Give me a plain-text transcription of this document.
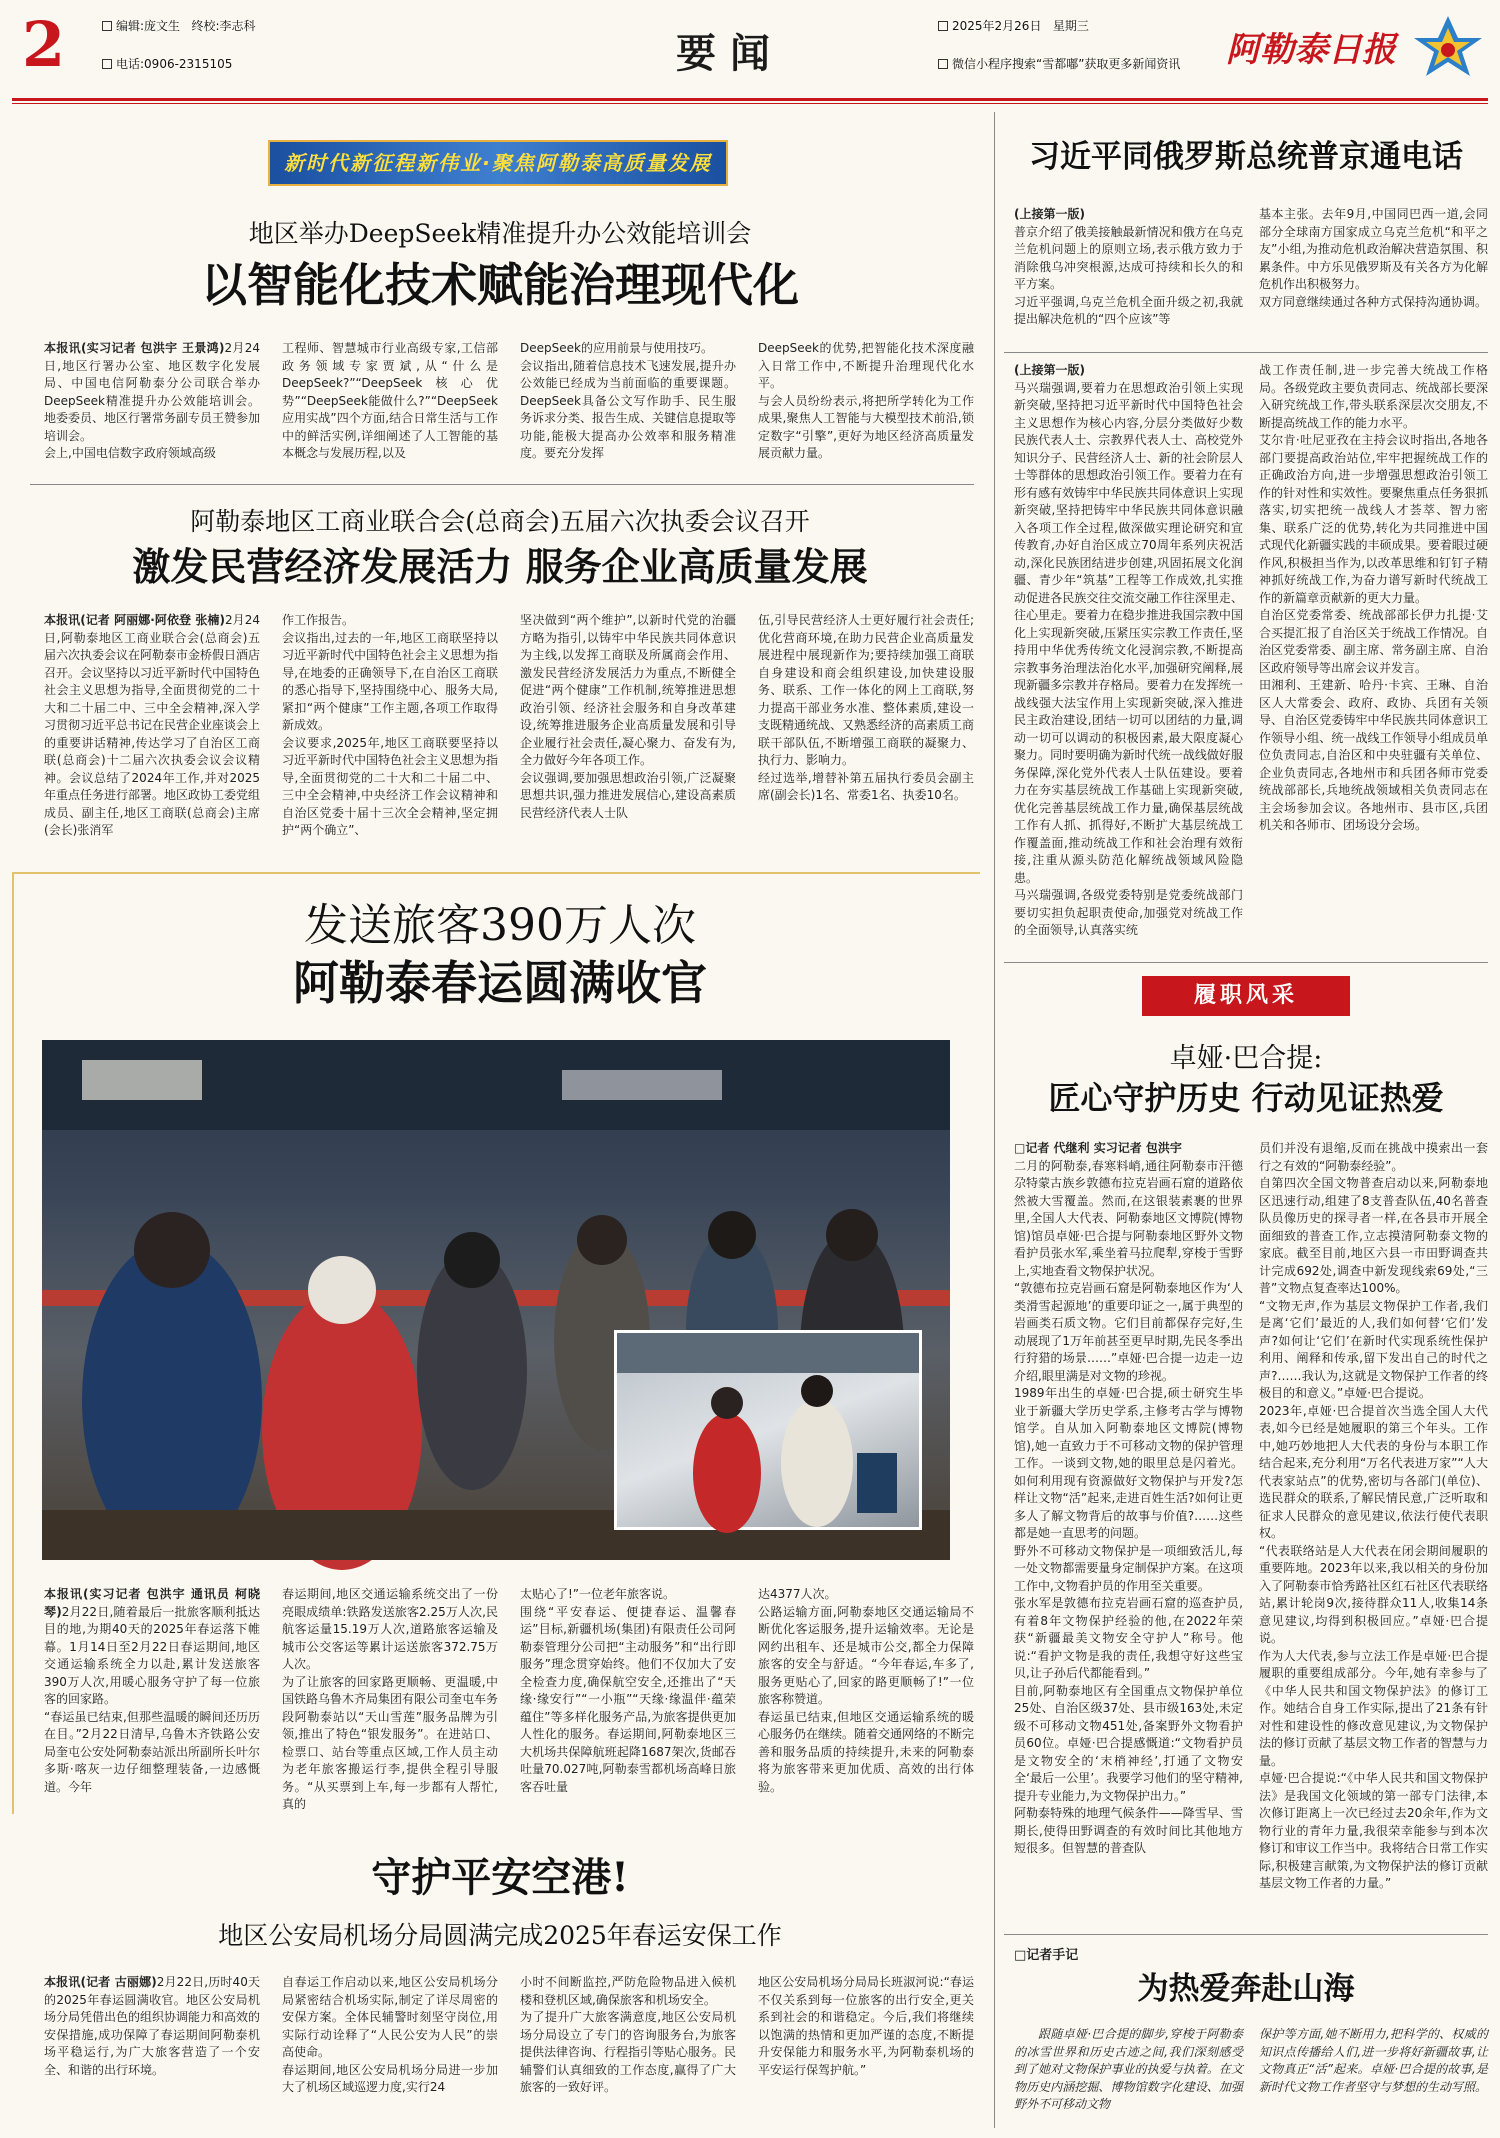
2	编辑:庞文生 终校:李志科
电话:0906-2315105	要闻
2025年2月26日 星期三
微信小程序搜索“雪都嘟”获取更多新闻资讯 阿勒泰日报
新时代新征程新伟业·聚焦阿勒泰高质量发展
地区举办DeepSeek精准提升办公效能培训会
以智能化技术赋能治理现代化
本报讯(实习记者 包洪宇 王景鸿)2月24日,地区行署办公室、地区数字化发展局、中国电信阿勒泰分公司联合举办DeepSeek精准提升办公效能培训会。地委委员、地区行署常务副专员王赞参加培训会。
会上,中国电信数字政府领域高级
工程师、智慧城市行业高级专家,工信部政务领域专家贾斌,从“什么是DeepSeek?”“DeepSeek核心优势”“DeepSeek能做什么?”“DeepSeek应用实战”四个方面,结合日常生活与工作中的鲜活实例,详细阐述了人工智能的基本概念与发展历程,以及
DeepSeek的应用前景与使用技巧。
会议指出,随着信息技术飞速发展,提升办公效能已经成为当前面临的重要课题。DeepSeek具备公文写作助手、民生服务诉求分类、报告生成、关键信息提取等功能,能极大提高办公效率和服务精准度。要充分发挥
DeepSeek的优势,把智能化技术深度融入日常工作中,不断提升治理现代化水平。
与会人员纷纷表示,将把所学转化为工作成果,聚焦人工智能与大模型技术前沿,锁定数字“引擎”,更好为地区经济高质量发展贡献力量。
阿勒泰地区工商业联合会(总商会)五届六次执委会议召开
激发民营经济发展活力 服务企业高质量发展
本报讯(记者 阿丽娜·阿依登 张楠)2月24日,阿勒泰地区工商业联合会(总商会)五届六次执委会议在阿勒泰市金桥假日酒店召开。会议坚持以习近平新时代中国特色社会主义思想为指导,全面贯彻党的二十大和二十届二中、三中全会精神,深入学习贯彻习近平总书记在民营企业座谈会上的重要讲话精神,传达学习了自治区工商联(总商会)十二届六次执委会议会议精神。会议总结了2024年工作,并对2025年重点任务进行部署。地区政协工委党组成员、副主任,地区工商联(总商会)主席(会长)张消军
作工作报告。
会议指出,过去的一年,地区工商联坚持以习近平新时代中国特色社会主义思想为指导,在地委的正确领导下,在自治区工商联的悉心指导下,坚持围绕中心、服务大局,紧扣“两个健康”工作主题,各项工作取得新成效。
会议要求,2025年,地区工商联要坚持以习近平新时代中国特色社会主义思想为指导,全面贯彻党的二十大和二十届二中、三中全会精神,中央经济工作会议精神和自治区党委十届十三次全会精神,坚定拥护“两个确立”、
坚决做到“两个维护”,以新时代党的治疆方略为指引,以铸牢中华民族共同体意识为主线,以发挥工商联及所属商会作用、激发民营经济发展活力为重点,不断健全促进“两个健康”工作机制,统筹推进思想政治引领、经济社会服务和自身改革建设,统筹推进服务企业高质量发展和引导企业履行社会责任,凝心聚力、奋发有为,全力做好今年各项工作。
会议强调,要加强思想政治引领,广泛凝聚思想共识,强力推进发展信心,建设高素质民营经济代表人士队
伍,引导民营经济人士更好履行社会责任;优化营商环境,在助力民营企业高质量发展进程中展现新作为;要持续加强工商联自身建设和商会组织建设,加快建设服务、联系、工作一体化的网上工商联,努力提高干部业务水准、整体素质,建设一支既精通统战、又熟悉经济的高素质工商联干部队伍,不断增强工商联的凝聚力、执行力、影响力。
经过选举,增替补第五届执行委员会副主席(副会长)1名、常委1名、执委10名。
发送旅客390万人次
阿勒泰春运圆满收官
本报讯(实习记者 包洪宇 通讯员 柯晓琴)2月22日,随着最后一批旅客顺利抵达目的地,为期40天的2025年春运落下帷幕。1月14日至2月22日春运期间,地区交通运输系统全力以赴,累计发送旅客390万人次,用暖心服务守护了每一位旅客的回家路。
“春运虽已结束,但那些温暖的瞬间还历历在目。”2月22日清早,乌鲁木齐铁路公安局奎屯公安处阿勒泰站派出所副所长叶尔多斯·喀灰一边仔细整理装备,一边感慨道。今年
春运期间,地区交通运输系统交出了一份亮眼成绩单:铁路发送旅客2.25万人次,民航客运量15.19万人次,道路旅客运输及城市公交客运等累计运送旅客372.75万人次。
为了让旅客的回家路更顺畅、更温暖,中国铁路乌鲁木齐局集团有限公司奎屯车务段阿勒泰站以“天山雪莲”服务品牌为引领,推出了特色“银发服务”。在进站口、检票口、站台等重点区域,工作人员主动为老年旅客搬运行李,提供全程引导服务。“从买票到上车,每一步都有人帮忙,真的
太贴心了!”一位老年旅客说。
围绕“平安春运、便捷春运、温馨春运”目标,新疆机场(集团)有限责任公司阿勒泰管理分公司把“主动服务”和“出行即服务”理念贯穿始终。他们不仅加大了安全检查力度,确保航空安全,还推出了“天缘·缘安行”“一小瓶”“天缘·缘温伴·蕴荣蕴住”等多样化服务产品,为旅客提供更加人性化的服务。春运期间,阿勒泰地区三大机场共保障航班起降1687架次,货邮吞吐量70.027吨,阿勒泰雪都机场高峰日旅客吞吐量
达4377人次。
公路运输方面,阿勒泰地区交通运输局不断优化客运服务,提升运输效率。无论是网约出租车、还是城市公交,都全力保障旅客的安全与舒适。“今年春运,车多了,服务更贴心了,回家的路更顺畅了!”一位旅客称赞道。
春运虽已结束,但地区交通运输系统的暖心服务仍在继续。随着交通网络的不断完善和服务品质的持续提升,未来的阿勒泰将为旅客带来更加优质、高效的出行体验。
守护平安空港!
地区公安局机场分局圆满完成2025年春运安保工作
本报讯(记者 古丽娜)2月22日,历时40天的2025年春运圆满收官。地区公安局机场分局凭借出色的组织协调能力和高效的安保措施,成功保障了春运期间阿勒泰机场平稳运行,为广大旅客营造了一个安全、和谐的出行环境。
自春运工作启动以来,地区公安局机场分局紧密结合机场实际,制定了详尽周密的安保方案。全体民辅警时刻坚守岗位,用实际行动诠释了“人民公安为人民”的崇高使命。
春运期间,地区公安局机场分局进一步加大了机场区域巡逻力度,实行24
小时不间断监控,严防危险物品进入候机楼和登机区域,确保旅客和机场安全。
为了提升广大旅客满意度,地区公安局机场分局设立了专门的咨询服务台,为旅客提供法律咨询、行程指引等贴心服务。民辅警们认真细致的工作态度,赢得了广大旅客的一致好评。
地区公安局机场分局局长班淑河说:“春运不仅关系到每一位旅客的出行安全,更关系到社会的和谐稳定。今后,我们将继续以饱满的热情和更加严谨的态度,不断提升安保能力和服务水平,为阿勒泰机场的平安运行保驾护航。”
习近平同俄罗斯总统普京通电话
(上接第一版)
普京介绍了俄美接触最新情况和俄方在乌克兰危机问题上的原则立场,表示俄方致力于消除俄乌冲突根源,达成可持续和长久的和平方案。
习近平强调,乌克兰危机全面升级之初,我就提出解决危机的“四个应该”等
基本主张。去年9月,中国同巴西一道,会同部分全球南方国家成立乌克兰危机“和平之友”小组,为推动危机政治解决营造氛围、积累条件。中方乐见俄罗斯及有关各方为化解危机作出积极努力。
双方同意继续通过各种方式保持沟通协调。
(上接第一版)
马兴瑞强调,要着力在思想政治引领上实现新突破,坚持把习近平新时代中国特色社会主义思想作为核心内容,分层分类做好少数民族代表人士、宗教界代表人士、高校党外知识分子、民营经济人士、新的社会阶层人士等群体的思想政治引领工作。要着力在有形有感有效铸牢中华民族共同体意识上实现新突破,坚持把铸牢中华民族共同体意识融入各项工作全过程,做深做实理论研究和宣传教育,办好自治区成立70周年系列庆祝活动,深化民族团结进步创建,巩固拓展文化润疆、青少年“筑基”工程等工作成效,扎实推动促进各民族交往交流交融工作往深里走、往心里走。要着力在稳步推进我国宗教中国化上实现新突破,压紧压实宗教工作责任,坚持用中华优秀传统文化浸润宗教,不断提高宗教事务治理法治化水平,加强研究阐释,展现新疆多宗教并存格局。要着力在发挥统一战线强大法宝作用上实现新突破,深入推进民主政治建设,团结一切可以团结的力量,调动一切可以调动的积极因素,最大限度凝心聚力。同时要明确为新时代统一战线做好服务保障,深化党外代表人士队伍建设。要着力在夯实基层统战工作基础上实现新突破,优化完善基层统战工作力量,确保基层统战工作有人抓、抓得好,不断扩大基层统战工作覆盖面,推动统战工作和社会治理有效衔接,注重从源头防范化解统战领域风险隐患。
马兴瑞强调,各级党委特别是党委统战部门要切实担负起职责使命,加强党对统战工作的全面领导,认真落实统
战工作责任制,进一步完善大统战工作格局。各级党政主要负责同志、统战部长要深入研究统战工作,带头联系深层次交朋友,不断提高统战工作的能力水平。
艾尔肯·吐尼亚孜在主持会议时指出,各地各部门要提高政治站位,牢牢把握统战工作的正确政治方向,进一步增强思想政治引领工作的针对性和实效性。要聚焦重点任务狠抓落实,切实把统一战线人才荟萃、智力密集、联系广泛的优势,转化为共同推进中国式现代化新疆实践的丰硕成果。要着眼过硬作风,积极担当作为,以改革思维和钉钉子精神抓好统战工作,为奋力谱写新时代统战工作的新篇章贡献新的更大力量。
自治区党委常委、统战部部长伊力扎提·艾合买提汇报了自治区关于统战工作情况。自治区党委常委、副主席、常务副主席、自治区政府领导等出席会议并发言。
田湘利、王建新、哈丹·卡宾、王琳、自治区人大常委会、政府、政协、兵团有关领导、自治区党委铸牢中华民族共同体意识工作领导小组、统一战线工作领导小组成员单位负责同志,自治区和中央驻疆有关单位、企业负责同志,各地州市和兵团各师市党委统战部部长,兵地统战领域相关负责同志在主会场参加会议。各地州市、县市区,兵团机关和各师市、团场设分会场。
履职风采
卓娅·巴合提:
匠心守护历史 行动见证热爱
□记者 代继利 实习记者 包洪宇
二月的阿勒泰,春寒料峭,通往阿勒泰市汗德尕特蒙古族乡敦德布拉克岩画石窟的道路依然被大雪覆盖。然而,在这银装素裹的世界里,全国人大代表、阿勒泰地区文博院(博物馆)馆员卓娅·巴合提与阿勒泰地区野外文物看护员张水军,乘坐着马拉爬犁,穿梭于雪野上,实地查看文物保护状况。
“敦德布拉克岩画石窟是阿勒泰地区作为‘人类滑雪起源地’的重要印证之一,属于典型的岩画类石质文物。它们目前都保存完好,生动展现了1万年前甚至更早时期,先民冬季出行狩猎的场景……”卓娅·巴合提一边走一边介绍,眼里满是对文物的珍视。
1989年出生的卓娅·巴合提,硕士研究生毕业于新疆大学历史学系,主修考古学与博物馆学。自从加入阿勒泰地区文博院(博物馆),她一直致力于不可移动文物的保护管理工作。一谈到文物,她的眼里总是闪着光。如何利用现有资源做好文物保护与开发?怎样让文物“活”起来,走进百姓生活?如何让更多人了解文物背后的故事与价值?……这些都是她一直思考的问题。
野外不可移动文物保护是一项细致活儿,每一处文物都需要量身定制保护方案。在这项工作中,文物看护员的作用至关重要。
张水军是敦德布拉克岩画石窟的巡查护员,有着8年文物保护经验的他,在2022年荣获“新疆最美文物安全守护人”称号。他说:“看护文物是我的责任,我想守好这些宝贝,让子孙后代都能看到。”
目前,阿勒泰地区有全国重点文物保护单位25处、自治区级37处、县市级163处,未定级不可移动文物451处,备案野外文物看护员60位。卓娅·巴合提感慨道:“文物看护员是文物安全的‘末梢神经’,打通了文物安全‘最后一公里’。我要学习他们的坚守精神,提升专业能力,为文物保护出力。”
阿勒泰特殊的地理气候条件——降雪早、雪期长,使得田野调查的有效时间比其他地方短很多。但智慧的普查队
员们并没有退缩,反而在挑战中摸索出一套行之有效的“阿勒泰经验”。
自第四次全国文物普查启动以来,阿勒泰地区迅速行动,组建了8支普查队伍,40名普查队员像历史的探寻者一样,在各县市开展全面细致的普查工作,立志摸清阿勒泰文物的家底。截至目前,地区六县一市田野调查共计完成692处,调查中新发现线索69处,“三普”文物点复查率达100%。
“文物无声,作为基层文物保护工作者,我们是离‘它们’最近的人,我们如何替‘它们’发声?如何让‘它们’在新时代实现系统性保护利用、阐释和传承,留下发出自己的时代之声?……我认为,这就是文物保护工作者的终极目的和意义。”卓娅·巴合提说。
2023年,卓娅·巴合提首次当选全国人大代表,如今已经是她履职的第三个年头。工作中,她巧妙地把人大代表的身份与本职工作结合起来,充分利用“万名代表进万家”“人大代表家站点”的优势,密切与各部门(单位)、选民群众的联系,了解民情民意,广泛听取和征求人民群众的意见建议,依法行使代表职权。
“代表联络站是人大代表在闭会期间履职的重要阵地。2023年以来,我以相关的身份加入了阿勒泰市恰秀路社区红石社区代表联络站,累计轮岗9次,接待群众11人,收集14条意见建议,均得到积极回应。”卓娅·巴合提说。
作为人大代表,参与立法工作是卓娅·巴合提履职的重要组成部分。今年,她有幸参与了《中华人民共和国文物保护法》的修订工作。她结合自身工作实际,提出了21条有针对性和建设性的修改意见建议,为文物保护法的修订贡献了基层文物工作者的智慧与力量。
卓娅·巴合提说:“《中华人民共和国文物保护法》是我国文化领域的第一部专门法律,本次修订距离上一次已经过去20余年,作为文物行业的青年力量,我很荣幸能参与到本次修订和审议工作当中。我将结合日常工作实际,积极建言献策,为文物保护法的修订贡献基层文物工作者的力量。”
□记者手记
为热爱奔赴山海
跟随卓娅·巴合提的脚步,穿梭于阿勒泰的冰雪世界和历史古迹之间,我们深刻感受到了她对文物保护事业的执爱与执着。在文物历史内涵挖掘、博物馆数字化建设、加强野外不可移动文物
保护等方面,她不断用力,把科学的、权威的知识点传播给人们,进一步将好新疆故事,让文物真正“活”起来。卓娅·巴合提的故事,是新时代文物工作者坚守与梦想的生动写照。
